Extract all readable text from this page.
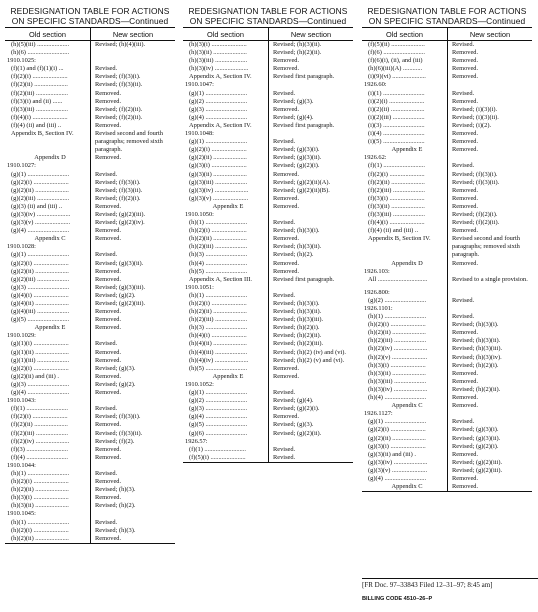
REDESIGNATION TABLE FOR ACTIONS ON SPECIFIC STANDARDS—Continued
Old section	New section
(h)(5)(iii) ....................	Revised; (h)(4)(iii).
(h)(6) ..........................	
1910.1025:	
(f)(1) and (f)(1)(i) ...	Revised.
(f)(2)(i) ......................	Revised; (f)(3)(i).
(f)(2)(ii) .....................	Revised; (f)(3)(ii).
(f)(2)(iii) ....................	Removed.
(f)(3)(i) and (ii) ......	Removed.
(f)(3)(iii) ....................	Revised; (f)(2)(ii).
(f)(4)(i) ......................	Revised; (f)(2)(ii).
(f)(4) (ii) and (iii) ..	Removed.
Appendix B, Section IV.	Revised second and fourth paragraphs; removed sixth paragraph.
Appendix D	Removed.
1910.1027:	
(g)(1) ..........................	Revised.
(g)(2)(i) ......................	Revised; (f)(3)(i).
(g)(2)(ii) .....................	Revised; (f)(3)(ii).
(g)(2)(iii) ....................	Revised; (f)(2)(i).
(g)(3) (ii) and (iii) ..	Removed.
(g)(3)(iv) .....................	Revised; (g)(2)(iii).
(g)(3)(v) ......................	Revised; (g)(2)(iv).
(g)(4) ..........................	Removed.
Appendix C	Removed.
1910.1028:	
(g)(1) ..........................	Revised.
(g)(2)(i) ......................	Revised; (g)(3)(ii).
(g)(2)(ii) .....................	Removed.
(g)(2)(iii) ....................	Removed.
(g)(3) ..........................	Revised; (g)(3)(iii).
(g)(4)(i) ......................	Revised; (g)(2).
(g)(4)(ii) .....................	Revised; (g)(2)(iii).
(g)(4)(iii) ....................	Removed.
(g)(5) ..........................	Removed.
Appendix E	Removed.
1910.1029:	
(g)(1)(i) ......................	Revised.
(g)(1)(ii) .....................	Removed.
(g)(1)(iii) ....................	Removed.
(g)(2)(i) ......................	Revised; (g)(3).
(g)(2)(ii) and (iii) .	Removed.
(g)(3) ..........................	Revised; (g)(2).
(g)(4) ..........................	Removed.
1910.1043:	
(f)(1) ..........................	Revised.
(f)(2)(i) ......................	Revised; (f)(3)(i).
(f)(2)(ii) .....................	Removed.
(f)(2)(iii) ....................	Revised; (f)(3)(ii).
(f)(2)(iv) .....................	Revised; (f)(2).
(f)(3) ..........................	Removed.
(f)(4) ..........................	Removed.
1910.1044:	
(h)(1) ..........................	Revised.
(h)(2)(i) ......................	Removed.
(h)(2)(ii) .....................	Revised; (h)(3).
(h)(3)(i) ......................	Removed.
(h)(3)(ii) .....................	Revised; (h)(2).
1910.1045:	
(h)(1) ..........................	Revised.
(h)(2)(i) ......................	Revised; (h)(3).
(h)(2)(ii) .....................	Removed.
REDESIGNATION TABLE FOR ACTIONS ON SPECIFIC STANDARDS—Continued
Old section	New section
(h)(3)(i) ......................	Revised; (h)(3)(ii).
(h)(3)(ii) .....................	Revised; (h)(2)(ii).
(h)(3)(iii) ....................	Removed.
(h)(3)(iv) .....................	Removed.
Appendix A, Section IV.	Revised first paragraph.
1910.1047:	
(g)(1) ..........................	Revised.
(g)(2) ..........................	Revised; (g)(3).
(g)(3) ..........................	Removed.
(g)(4) ..........................	Revised; (g)(4).
Appendix A, Section IV.	Revised first paragraph.
1910.1048:	
(g)(1) ..........................	Revised.
(g)(2)(i) ......................	Revised; (g)(3)(i).
(g)(2)(ii) .....................	Revised; (g)(3)(ii).
(g)(3)(i) ......................	Revised; (g)(2)(i).
(g)(3)(ii) .....................	Removed.
(g)(3)(iii) ....................	Revised; (g)(2)(ii)(A).
(g)(3)(iv) .....................	Revised; (g)(2)(ii)(B).
(g)(3)(v) ......................	Removed.
Appendix E	Removed.
1910.1050:	
(h)(1) ..........................	Revised.
(h)(2)(i) ......................	Revised; (h)(3)(i).
(h)(2)(ii) .....................	Removed.
(h)(2)(iii) ....................	Revised; (h)(3)(ii).
(h)(3) ..........................	Revised; (h)(2).
(h)(4) ..........................	Removed.
(h)(5) ..........................	Removed.
Appendix A, Section III.	Revised first paragraph.
1910.1051:	
(h)(1) ..........................	Revised.
(h)(2)(i) ......................	Revised; (h)(3)(i).
(h)(2)(ii) .....................	Revised; (h)(3)(ii).
(h)(2)(iii) ....................	Revised; (h)(3)(iii).
(h)(3) ..........................	Revised; (h)(2)(i).
(h)(4)(i) ......................	Revised; (h)(2)(ii).
(h)(4)(ii) .....................	Revised; (h)(2)(iii).
(h)(4)(iii) ....................	Revised; (h)(2) (iv) and (vi).
(h)(4)(iv) .....................	Revised; (h)(2) (v) and (vi).
(h)(5) ..........................	Removed.
Appendix E	Removed.
1910.1052:	
(g)(1) ..........................	Revised.
(g)(2) ..........................	Revised; (g)(4).
(g)(3) ..........................	Revised; (g)(2)(i).
(g)(4) ..........................	Removed.
(g)(5) ..........................	Revised; (g)(3).
(g)(6) ..........................	Revised; (g)(2)(ii).
1926.57:	
(f)(1) ..........................	Revised.
(f)(5)(i) ......................	Revised.
REDESIGNATION TABLE FOR ACTIONS ON SPECIFIC STANDARDS—Continued
Old section	New section
(f)(5)(ii) .....................	Revised.
(f)(6) ..........................	Removed.
(f)(6)(i), (ii), and (iii)	Removed.
(h)(6)(iii)(A) ............	Removed.
(i)(9)(vi) .....................	Removed.
1926.60:	
(i)(1) ..........................	Revised.
(i)(2)(i) ......................	Removed.
(i)(2)(ii) .....................	Revised; (i)(3)(i).
(i)(2)(iii) ....................	Revised; (i)(3)(ii).
(i)(3) ..........................	Revised; (i)(2).
(i)(4) ..........................	Removed.
(i)(5) ..........................	Removed.
Appendix E	Removed.
1926.62:	
(f)(1) ..........................	Revised.
(f)(2)(i) ......................	Revised; (f)(3)(i).
(f)(2)(ii) .....................	Revised; (f)(3)(ii).
(f)(2)(iii) ....................	Removed.
(f)(3)(i) ......................	Removed.
(f)(3)(ii) .....................	Removed.
(f)(3)(iii) ....................	Revised; (f)(2)(i).
(f)(4)(i) ......................	Revised; (f)(2)(ii).
(f)(4) (ii) and (iii) ..	Removed.
Appendix B, Section IV.	Revised second and fourth paragraphs; removed sixth paragraph.
Appendix D	Removed.
1926.103:	
All ...............................	Revised to a single provision.
1926.800:	
(g)(2) ..........................	Revised.
1926.1101:	
(h)(1) ..........................	Revised.
(h)(2)(i) ......................	Revised; (h)(3)(i).
(h)(2)(ii) .....................	Removed.
(h)(2)(iii) ....................	Revised; (h)(3)(ii).
(h)(2)(iv) .....................	Revised; (h)(3)(iii).
(h)(2)(v) ......................	Revised; (h)(3)(iv).
(h)(3)(i) ......................	Revised; (h)(2)(i).
(h)(3)(ii) .....................	Removed.
(h)(3)(iii) ....................	Removed.
(h)(3)(iv) .....................	Revised; (h)(2)(ii).
(h)(4) ..........................	Removed.
Appendix C	Removed.
1926.1127:	
(g)(1) ..........................	Revised.
(g)(2)(i) ......................	Revised; (g)(3)(i).
(g)(2)(ii) .....................	Revised; (g)(3)(ii).
(g)(3)(i) ......................	Revised; (g)(2)(i).
(g)(3)(ii) and (iii) .	Removed.
(g)(3)(iv) .....................	Revised; (g)(2)(iii).
(g)(3)(v) ......................	Revised; (g)(2)(iii).
(g)(4) ..........................	Removed.
Appendix C	Removed.
[FR Doc. 97–33843 Filed 12–31–97; 8:45 am]
BILLING CODE 4510–26–P
